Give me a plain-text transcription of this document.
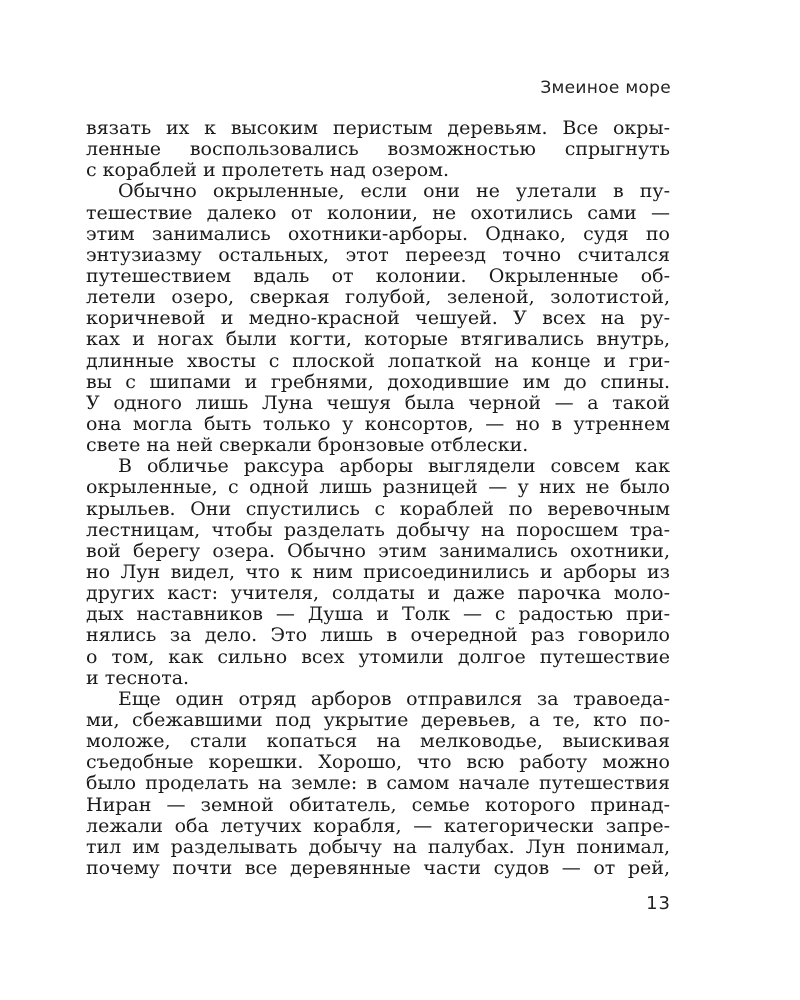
Змеиное море
вязать их к высоким перистым деревьям. Все окры-
ленные воспользовались возможностью спрыгнуть
с кораблей и пролететь над озером.
Обычно окрыленные, если они не улетали в пу-
тешествие далеко от колонии, не охотились сами —
этим занимались охотники-арборы. Однако, судя по
энтузиазму остальных, этот переезд точно считался
путешествием вдаль от колонии. Окрыленные об-
летели озеро, сверкая голубой, зеленой, золотистой,
коричневой и медно-красной чешуей. У всех на ру-
ках и ногах были когти, которые втягивались внутрь,
длинные хвосты с плоской лопаткой на конце и гри-
вы с шипами и гребнями, доходившие им до спины.
У одного лишь Луна чешуя была черной — а такой
она могла быть только у консортов, — но в утреннем
свете на ней сверкали бронзовые отблески.
В обличье раксура арборы выглядели совсем как
окрыленные, с одной лишь разницей — у них не было
крыльев. Они спустились с кораблей по веревочным
лестницам, чтобы разделать добычу на поросшем тра-
вой берегу озера. Обычно этим занимались охотники,
но Лун видел, что к ним присоединились и арборы из
других каст: учителя, солдаты и даже парочка моло-
дых наставников — Душа и Толк — с радостью при-
нялись за дело. Это лишь в очередной раз говорило
о том, как сильно всех утомили долгое путешествие
и теснота.
Еще один отряд арборов отправился за травоеда-
ми, сбежавшими под укрытие деревьев, а те, кто по-
моложе, стали копаться на мелководье, выискивая
съедобные корешки. Хорошо, что всю работу можно
было проделать на земле: в самом начале путешествия
Ниран — земной обитатель, семье которого принад-
лежали оба летучих корабля, — категорически запре-
тил им разделывать добычу на палубах. Лун понимал,
почему почти все деревянные части судов — от рей,
13
